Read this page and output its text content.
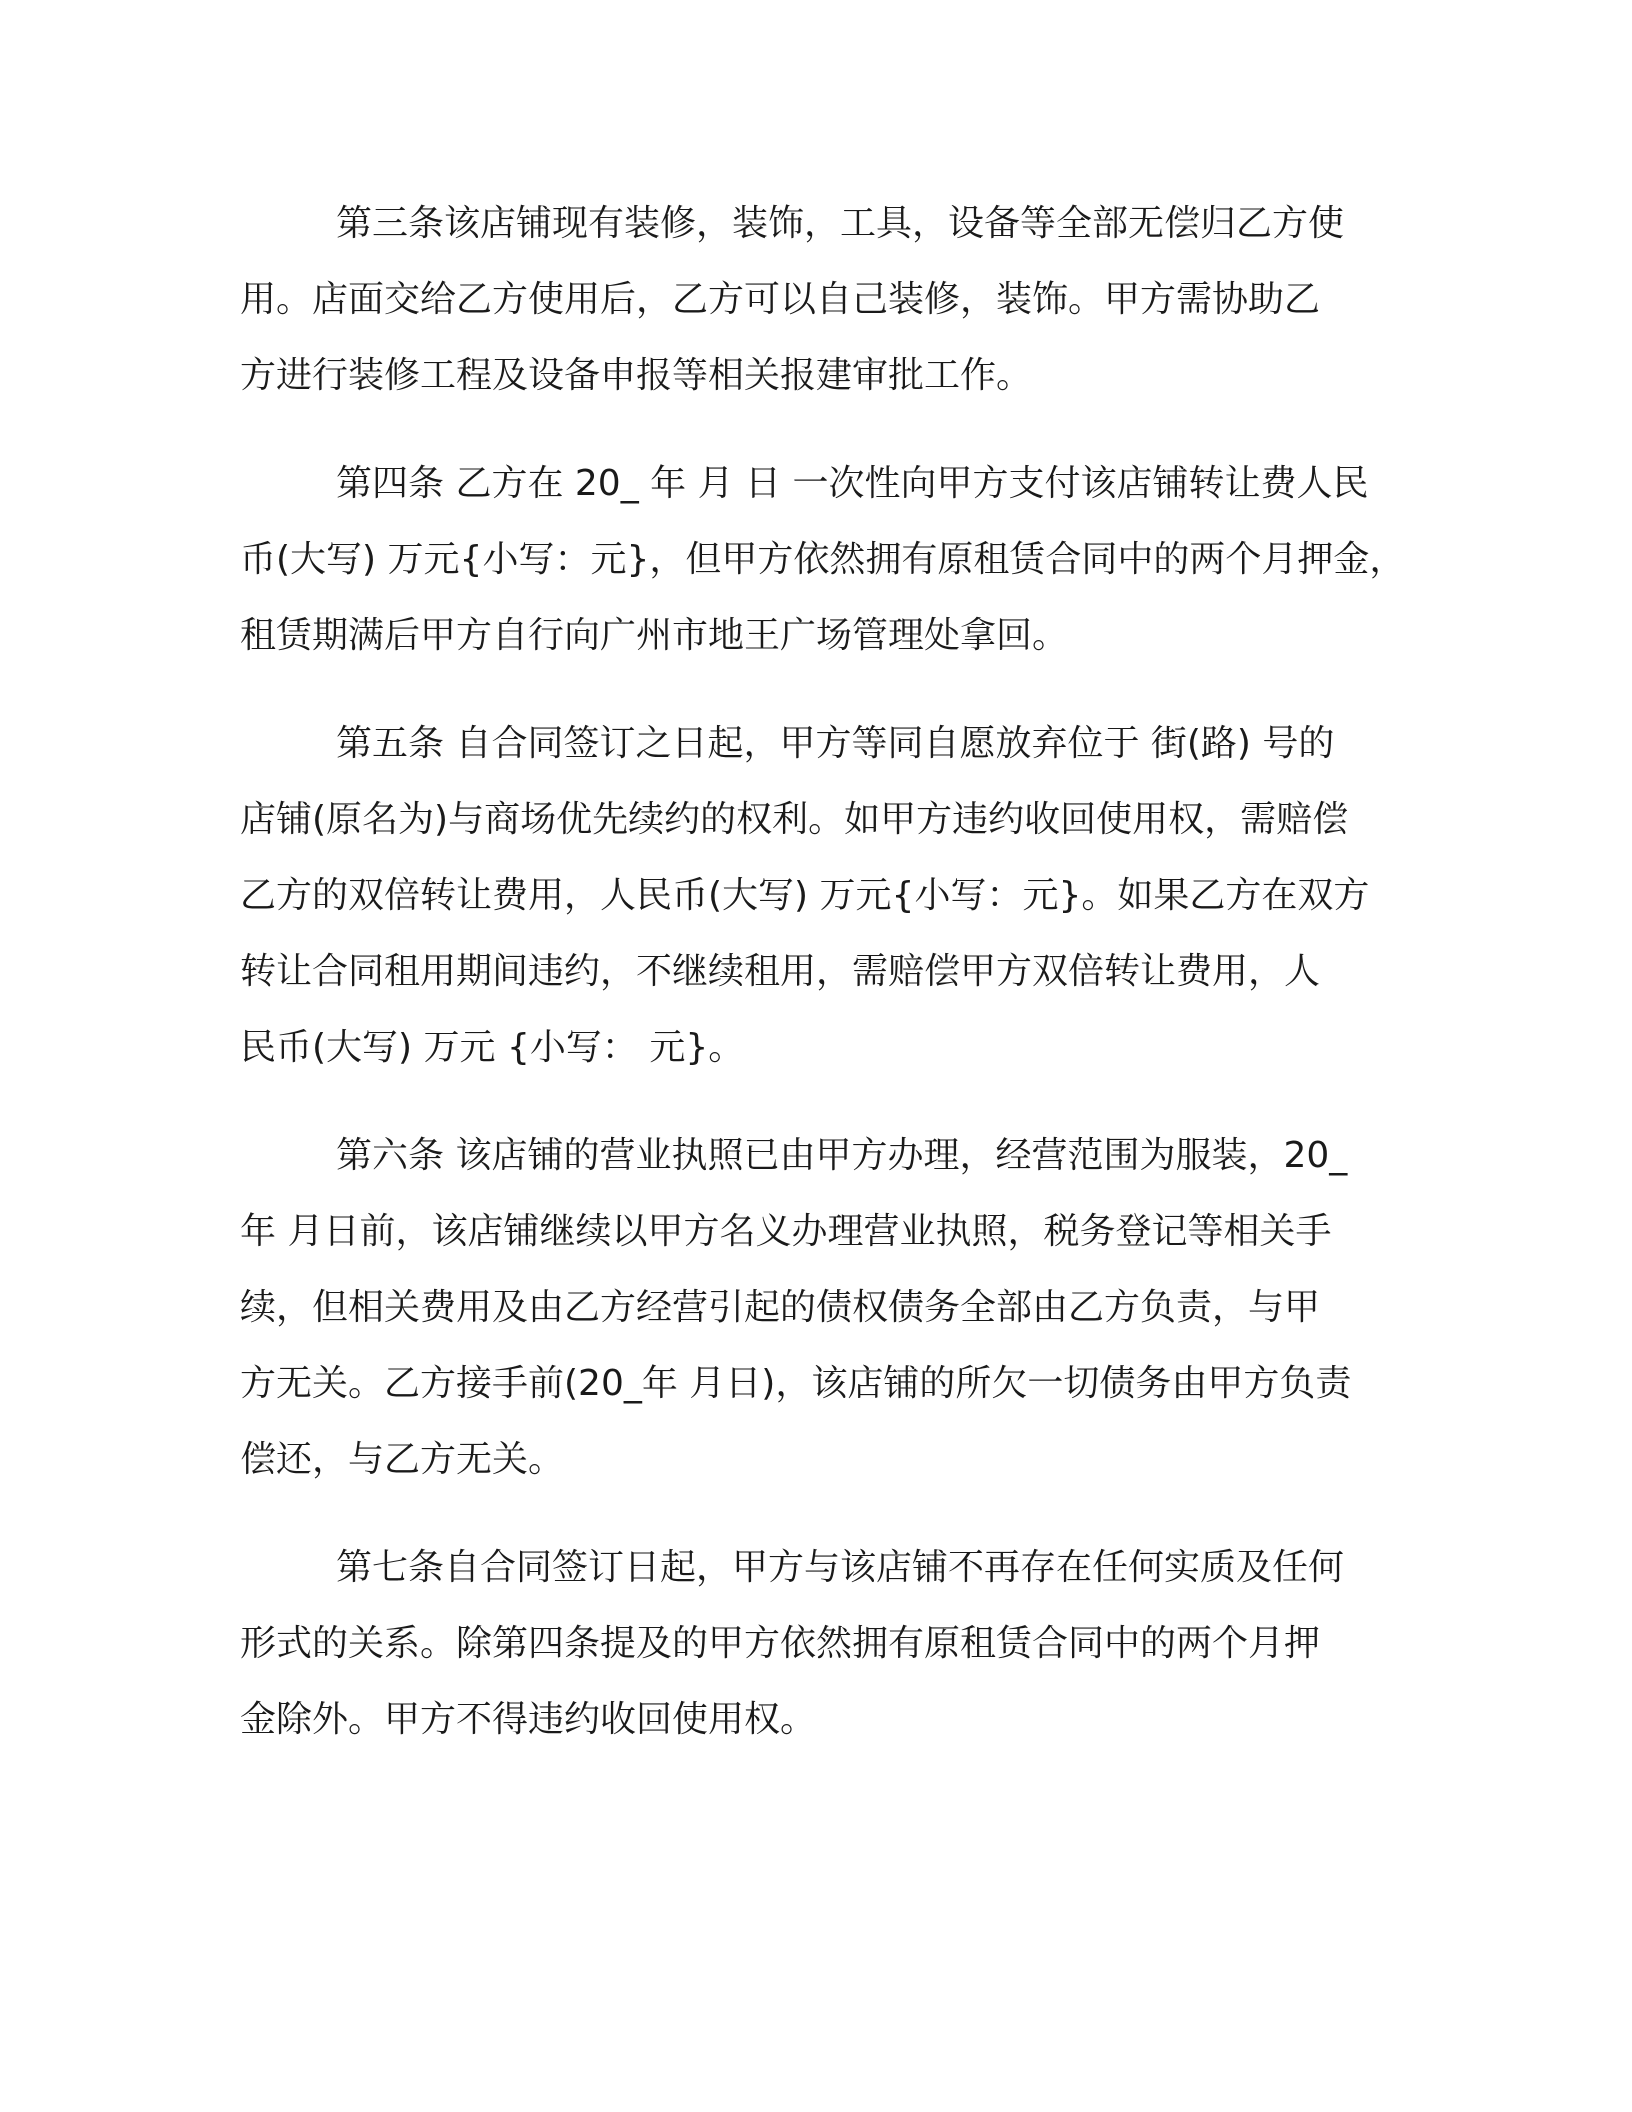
第三条该店铺现有装修，装饰，工具，设备等全部无偿归乙方使
用。店面交给乙方使用后，乙方可以自己装修，装饰。甲方需协助乙
方进行装修工程及设备申报等相关报建审批工作。

第四条 乙方在 20_ 年 月 日 一次性向甲方支付该店铺转让费人民
币(大写) 万元{小写：元}，但甲方依然拥有原租赁合同中的两个月押金，
租赁期满后甲方自行向广州市地王广场管理处拿回。

第五条 自合同签订之日起，甲方等同自愿放弃位于 街(路) 号的
店铺(原名为)与商场优先续约的权利。如甲方违约收回使用权，需赔偿
乙方的双倍转让费用，人民币(大写) 万元{小写：元}。如果乙方在双方
转让合同租用期间违约，不继续租用，需赔偿甲方双倍转让费用，人
民币(大写) 万元 {小写： 元}。

第六条 该店铺的营业执照已由甲方办理，经营范围为服装，20_
年 月日前，该店铺继续以甲方名义办理营业执照，税务登记等相关手
续，但相关费用及由乙方经营引起的债权债务全部由乙方负责，与甲
方无关。乙方接手前(20_年 月日)，该店铺的所欠一切债务由甲方负责
偿还，与乙方无关。

第七条自合同签订日起，甲方与该店铺不再存在任何实质及任何
形式的关系。除第四条提及的甲方依然拥有原租赁合同中的两个月押
金除外。甲方不得违约收回使用权。
